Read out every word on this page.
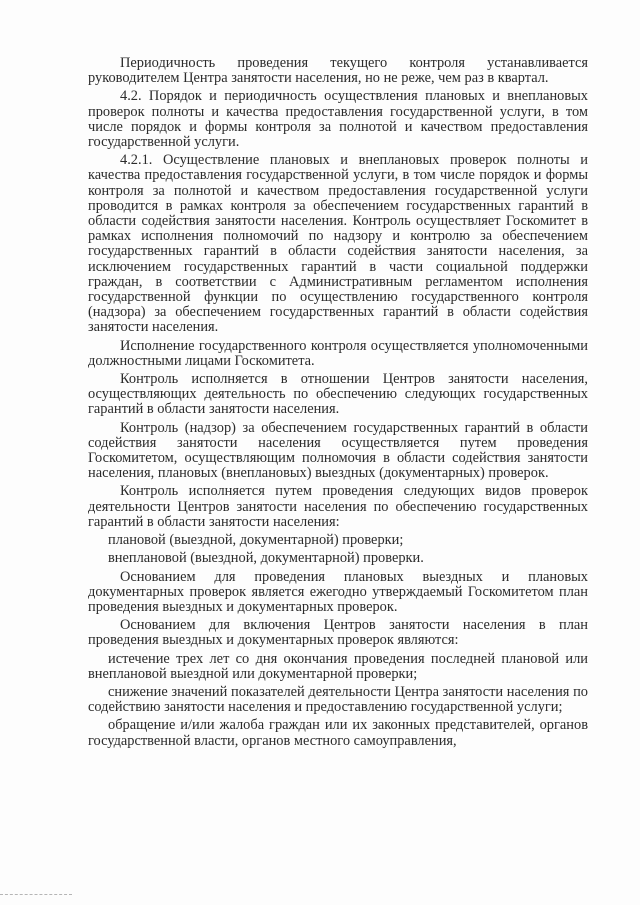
Периодичность проведения текущего контроля устанавливается руководителем Центра занятости населения, но не реже, чем раз в квартал.

4.2. Порядок и периодичность осуществления плановых и внеплановых проверок полноты и качества предоставления государственной услуги, в том числе порядок и формы контроля за полнотой и качеством предоставления государственной услуги.

4.2.1. Осуществление плановых и внеплановых проверок полноты и качества предоставления государственной услуги, в том числе порядок и формы контроля за полнотой и качеством предоставления государственной услуги проводится в рамках контроля за обеспечением государственных гарантий в области содействия занятости населения. Контроль осуществляет Госкомитет в рамках исполнения полномочий по надзору и контролю за обеспечением государственных гарантий в области содействия занятости населения, за исключением государственных гарантий в части социальной поддержки граждан, в соответствии с Административным регламентом исполнения государственной функции по осуществлению государственного контроля (надзора) за обеспечением государственных гарантий в области содействия занятости населения.

Исполнение государственного контроля осуществляется уполномоченными должностными лицами Госкомитета.

Контроль исполняется в отношении Центров занятости населения, осуществляющих деятельность по обеспечению следующих государственных гарантий в области занятости населения.

Контроль (надзор) за обеспечением государственных гарантий в области содействия занятости населения осуществляется путем проведения Госкомитетом, осуществляющим полномочия в области содействия занятости населения, плановых (внеплановых) выездных (документарных) проверок.

Контроль исполняется путем проведения следующих видов проверок деятельности Центров занятости населения по обеспечению государственных гарантий в области занятости населения:

плановой (выездной, документарной) проверки;

внеплановой (выездной, документарной) проверки.

Основанием для проведения плановых выездных и плановых документарных проверок является ежегодно утверждаемый Госкомитетом план проведения выездных и документарных проверок.

Основанием для включения Центров занятости населения в план проведения выездных и документарных проверок являются:

истечение трех лет со дня окончания проведения последней плановой или внеплановой выездной или документарной проверки;

снижение значений показателей деятельности Центра занятости населения по содействию занятости населения и предоставлению государственной услуги;

обращение и/или жалоба граждан или их законных представителей, органов государственной власти, органов местного самоуправления,
